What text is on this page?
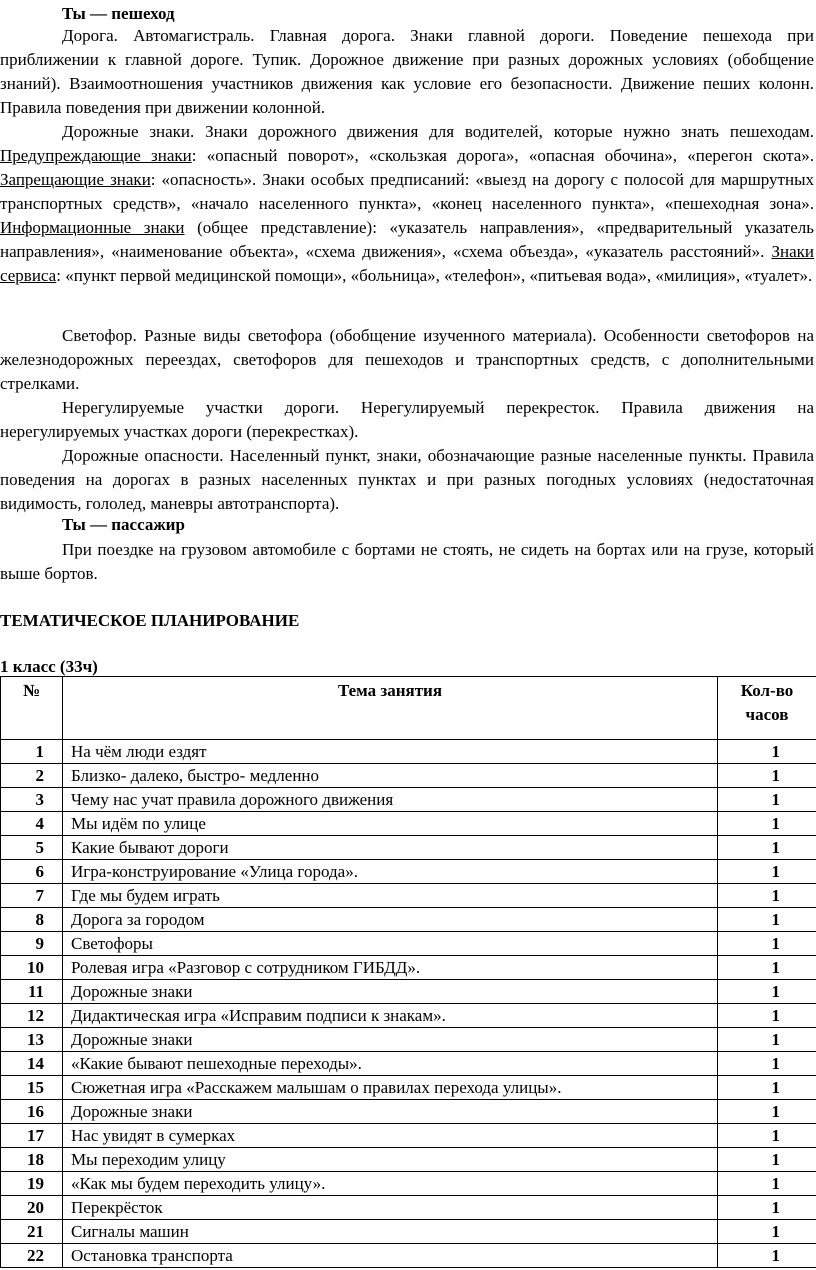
Ты — пешеход
Дорога. Автомагистраль. Главная дорога. Знаки главной дороги. Поведение пешехода при приближении к главной дороге. Тупик. Дорожное движение при разных дорожных условиях (обобщение знаний). Взаимоотношения участников движения как условие его безопасности. Движение пеших колонн. Правила поведения при движении колонной.
Дорожные знаки. Знаки дорожного движения для водителей, которые нужно знать пешеходам. Предупреждающие знаки: «опасный поворот», «скользкая дорога», «опасная обочина», «перегон скота». Запрещающие знаки: «опасность». Знаки особых предписаний: «выезд на дорогу с полосой для маршрутных транспортных средств», «начало населенного пункта», «конец населенного пункта», «пешеходная зона». Информационные знаки (общее представление): «указатель направления», «предварительный указатель направления», «наименование объекта», «схема движения», «схема объезда», «указатель расстояний». Знаки сервиса: «пункт первой медицинской помощи», «больница», «телефон», «питьевая вода», «милиция», «туалет».
Светофор. Разные виды светофора (обобщение изученного материала). Особенности светофоров на железнодорожных переездах, светофоров для пешеходов и транспортных средств, с дополнительными стрелками.
Нерегулируемые участки дороги. Нерегулируемый перекресток. Правила движения на нерегулируемых участках дороги (перекрестках).
Дорожные опасности. Населенный пункт, знаки, обозначающие разные населенные пункты. Правила поведения на дорогах в разных населенных пунктах и при разных погодных условиях (недостаточная видимость, гололед, маневры автотранспорта).
Ты — пассажир
При поездке на грузовом автомобиле с бортами не стоять, не сидеть на бортах или на грузе, который выше бортов.
ТЕМАТИЧЕСКОЕ ПЛАНИРОВАНИЕ
1 класс (33ч)
№	Тема занятия	Кол-во часов
1	На чём люди ездят	1
2	Близко- далеко, быстро- медленно	1
3	Чему нас учат правила дорожного движения	1
4	Мы идём по улице	1
5	Какие бывают дороги	1
6	Игра-конструирование «Улица города».	1
7	Где мы будем играть	1
8	Дорога за городом	1
9	Светофоры	1
10	Ролевая игра «Разговор с сотрудником ГИБДД».	1
11	Дорожные знаки	1
12	Дидактическая игра «Исправим подписи к знакам».	1
13	Дорожные знаки	1
14	«Какие бывают пешеходные переходы».	1
15	Сюжетная игра «Расскажем малышам о правилах перехода улицы».	1
16	Дорожные знаки	1
17	Нас увидят в сумерках	1
18	Мы переходим улицу	1
19	«Как мы будем переходить улицу».	1
20	Перекрёсток	1
21	Сигналы машин	1
22	Остановка транспорта	1
